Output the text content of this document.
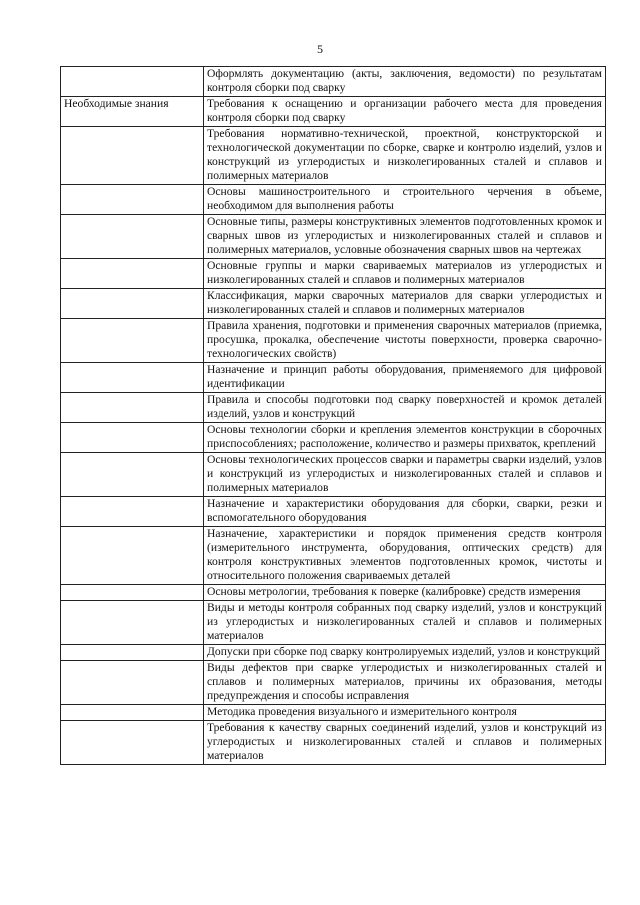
5

	Оформлять документацию (акты, заключения, ведомости) по результатам контроля сборки под сварку

Необходимые знания	Требования к оснащению и организации рабочего места для проведения контроля сборки под сварку

	Требования нормативно-технической, проектной, конструкторской и технологической документации по сборке, сварке и контролю изделий, узлов и конструкций из углеродистых и низколегированных сталей и сплавов и полимерных материалов

	Основы машиностроительного и строительного черчения в объеме, необходимом для выполнения работы

	Основные типы, размеры конструктивных элементов подготовленных кромок и сварных швов из углеродистых и низколегированных сталей и сплавов и полимерных материалов, условные обозначения сварных швов на чертежах

	Основные группы и марки свариваемых материалов из углеродистых и низколегированных сталей и сплавов и полимерных материалов

	Классификация, марки сварочных материалов для сварки углеродистых и низколегированных сталей и сплавов и полимерных материалов

	Правила хранения, подготовки и применения сварочных материалов (приемка, просушка, прокалка, обеспечение чистоты поверхности, проверка сварочно-технологических свойств)

	Назначение и принцип работы оборудования, применяемого для цифровой идентификации

	Правила и способы подготовки под сварку поверхностей и кромок деталей изделий, узлов и конструкций

	Основы технологии сборки и крепления элементов конструкции в сборочных приспособлениях; расположение, количество и размеры прихваток, креплений

	Основы технологических процессов сварки и параметры сварки изделий, узлов и конструкций из углеродистых и низколегированных сталей и сплавов и полимерных материалов

	Назначение и характеристики оборудования для сборки, сварки, резки и вспомогательного оборудования

	Назначение, характеристики и порядок применения средств контроля (измерительного инструмента, оборудования, оптических средств) для контроля конструктивных элементов подготовленных кромок, чистоты и относительного положения свариваемых деталей

	Основы метрологии, требования к поверке (калибровке) средств измерения

	Виды и методы контроля собранных под сварку изделий, узлов и конструкций из углеродистых и низколегированных сталей и сплавов и полимерных материалов

	Допуски при сборке под сварку контролируемых изделий, узлов и конструкций

	Виды дефектов при сварке углеродистых и низколегированных сталей и сплавов и полимерных материалов, причины их образования, методы предупреждения и способы исправления

	Методика проведения визуального и измерительного контроля

	Требования к качеству сварных соединений изделий, узлов и конструкций из углеродистых и низколегированных сталей и сплавов и полимерных материалов
